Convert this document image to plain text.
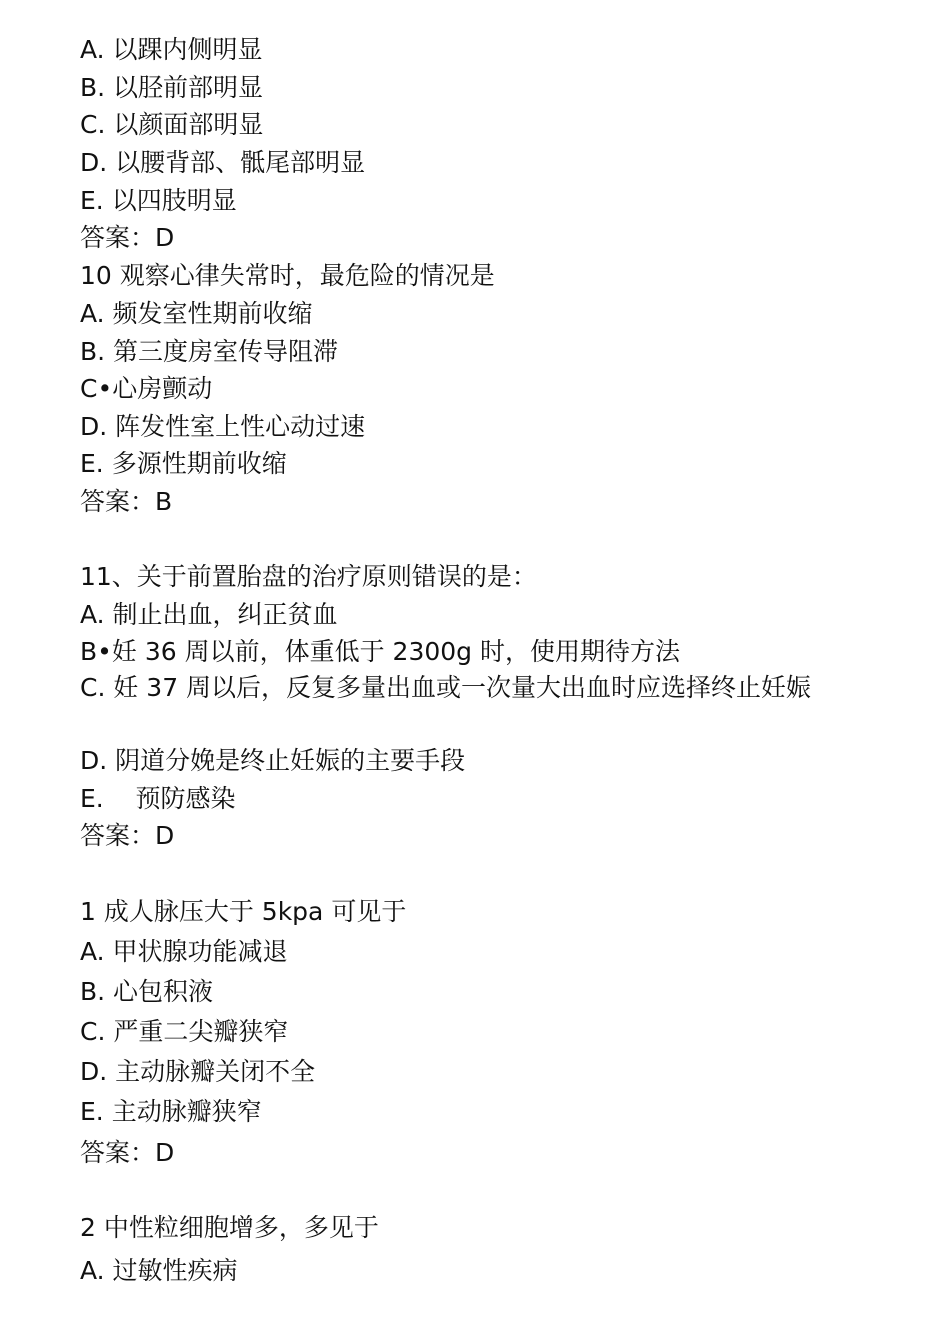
A. 以踝内侧明显
B. 以胫前部明显
C. 以颜面部明显
D. 以腰背部、骶尾部明显
E. 以四肢明显
答案：D
10 观察心律失常时，最危险的情况是
A. 频发室性期前收缩
B. 第三度房室传导阻滞
C•心房颤动
D. 阵发性室上性心动过速
E. 多源性期前收缩
答案：B
11、关于前置胎盘的治疗原则错误的是：
A. 制止出血，纠正贫血
B•妊 36 周以前，体重低于 2300g 时，使用期待方法
C. 妊 37 周以后，反复多量出血或一次量大出血时应选择终止妊娠
D. 阴道分娩是终止妊娠的主要手段
E.    预防感染
答案：D
1 成人脉压大于 5kpa 可见于
A. 甲状腺功能减退
B. 心包积液
C. 严重二尖瓣狭窄
D. 主动脉瓣关闭不全
E. 主动脉瓣狭窄
答案：D
2 中性粒细胞增多，多见于
A. 过敏性疾病
